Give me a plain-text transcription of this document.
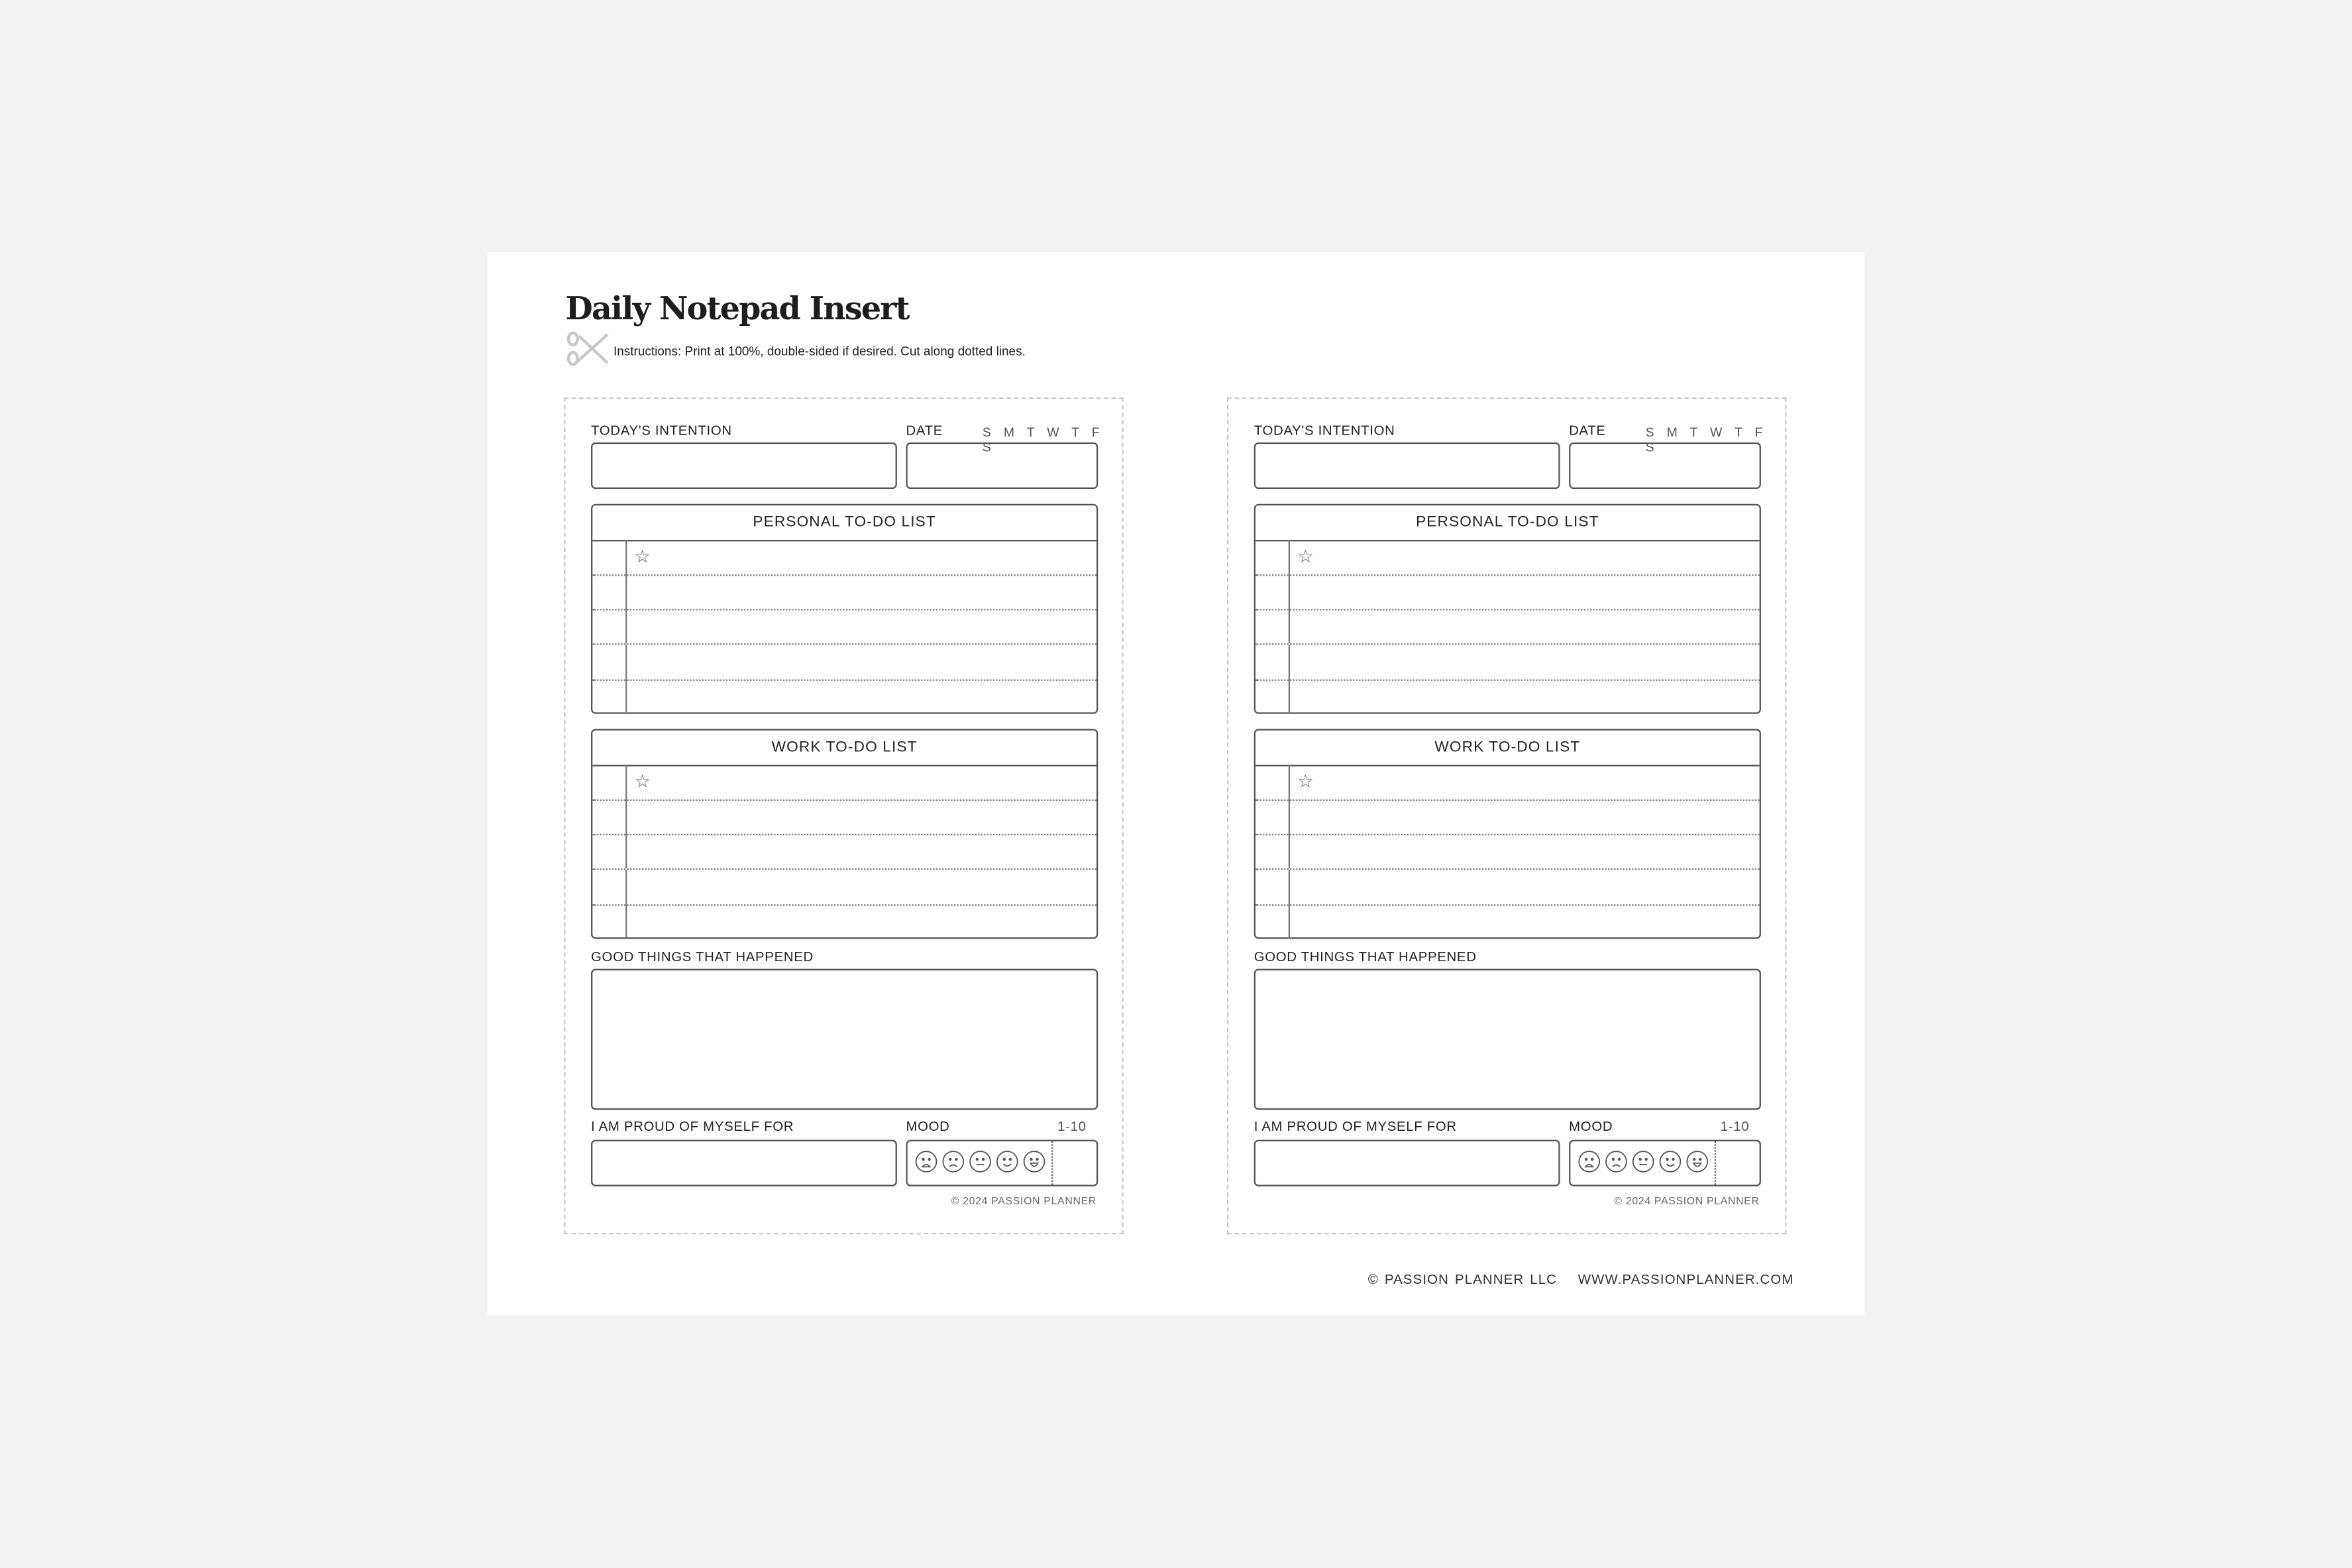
Daily Notepad Insert
Instructions: Print at 100%, double-sided if desired. Cut along dotted lines.
TODAY'S INTENTION	DATE	S M T W T F S
PERSONAL TO-DO LIST
☆
WORK TO-DO LIST
☆
GOOD THINGS THAT HAPPENED
I AM PROUD OF MYSELF FOR	MOOD	1-10
© 2024 PASSION PLANNER
TODAY'S INTENTION	DATE	S M T W T F S
PERSONAL TO-DO LIST
☆
WORK TO-DO LIST
☆
GOOD THINGS THAT HAPPENED
I AM PROUD OF MYSELF FOR	MOOD	1-10
© 2024 PASSION PLANNER
© PASSION PLANNER LLC	WWW.PASSIONPLANNER.COM
